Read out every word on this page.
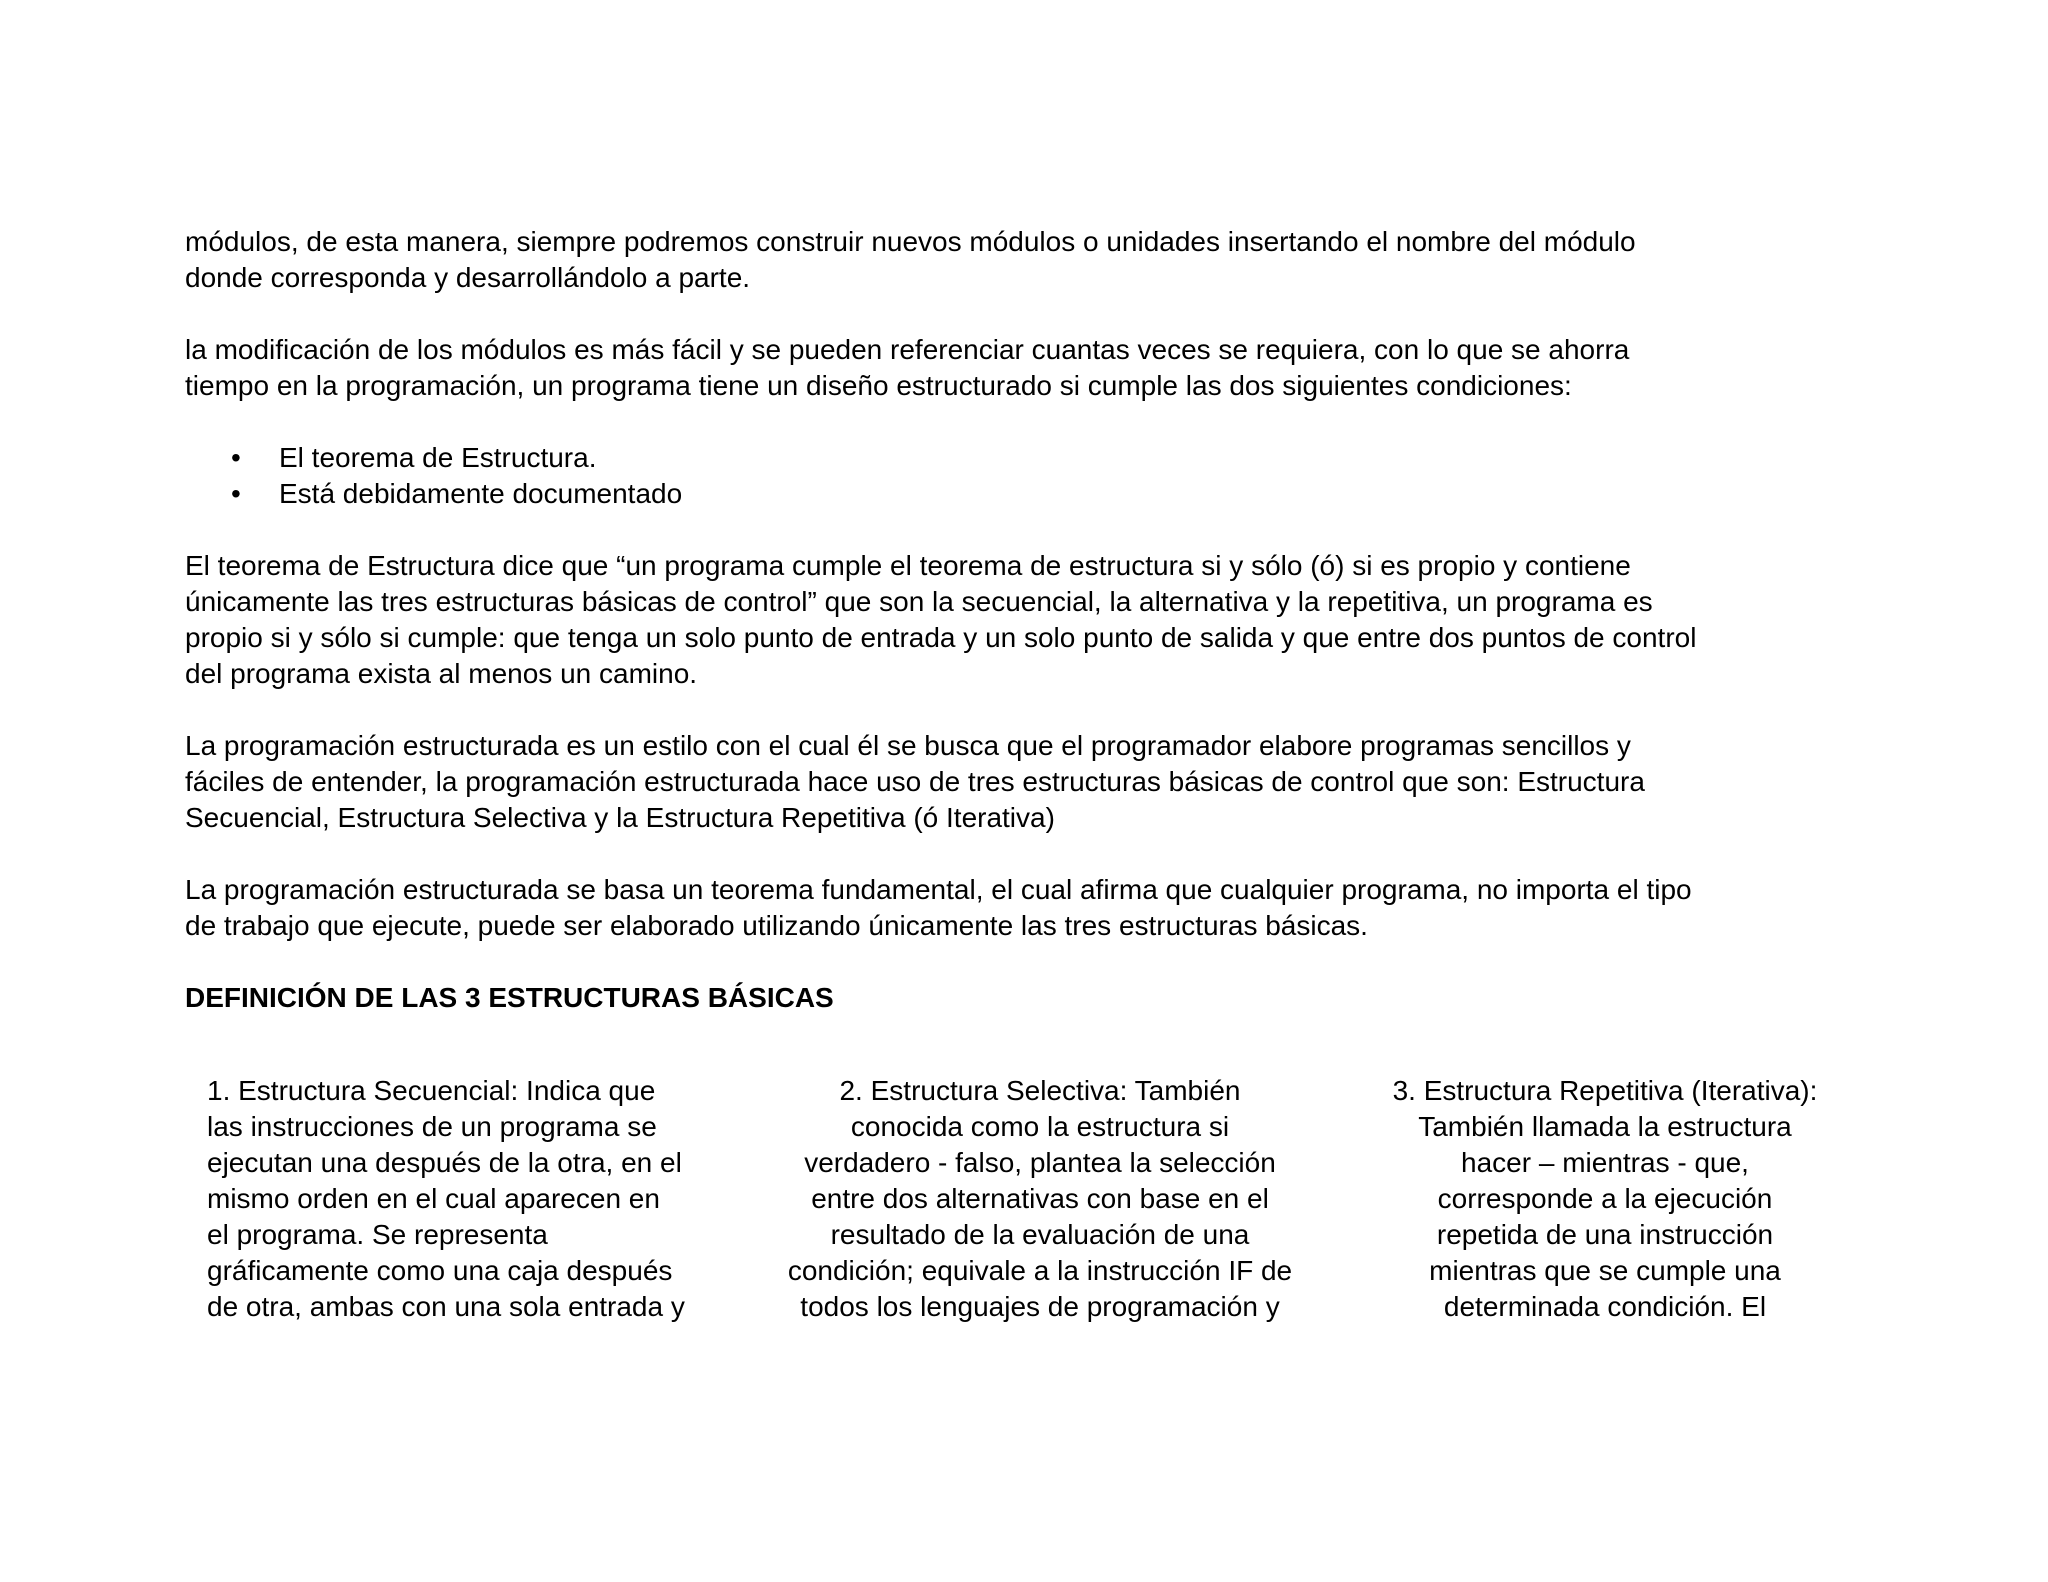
módulos, de esta manera, siempre podremos construir nuevos módulos o unidades insertando el nombre del módulo
donde corresponda y desarrollándolo a parte.

la modificación de los módulos es más fácil y se pueden referenciar cuantas veces se requiera, con lo que se ahorra
tiempo en la programación, un programa tiene un diseño estructurado si cumple las dos siguientes condiciones:

• El teorema de Estructura.
• Está debidamente documentado

El teorema de Estructura dice que “un programa cumple el teorema de estructura si y sólo (ó) si es propio y contiene
únicamente las tres estructuras básicas de control” que son la secuencial, la alternativa y la repetitiva, un programa es
propio si y sólo si cumple: que tenga un solo punto de entrada y un solo punto de salida y que entre dos puntos de control
del programa exista al menos un camino.

La programación estructurada es un estilo con el cual él se busca que el programador elabore programas sencillos y
fáciles de entender, la programación estructurada hace uso de tres estructuras básicas de control que son: Estructura
Secuencial, Estructura Selectiva y la Estructura Repetitiva (ó Iterativa)

La programación estructurada se basa un teorema fundamental, el cual afirma que cualquier programa, no importa el tipo
de trabajo que ejecute, puede ser elaborado utilizando únicamente las tres estructuras básicas.

DEFINICIÓN DE LAS 3 ESTRUCTURAS BÁSICAS

1. Estructura Secuencial: Indica que
las instrucciones de un programa se
ejecutan una después de la otra, en el
mismo orden en el cual aparecen en
el programa. Se representa
gráficamente como una caja después
de otra, ambas con una sola entrada y
2. Estructura Selectiva: También
conocida como la estructura si
verdadero - falso, plantea la selección
entre dos alternativas con base en el
resultado de la evaluación de una
condición; equivale a la instrucción IF de
todos los lenguajes de programación y
3. Estructura Repetitiva (Iterativa):
También llamada la estructura
hacer – mientras - que,
corresponde a la ejecución
repetida de una instrucción
mientras que se cumple una
determinada condición. El
